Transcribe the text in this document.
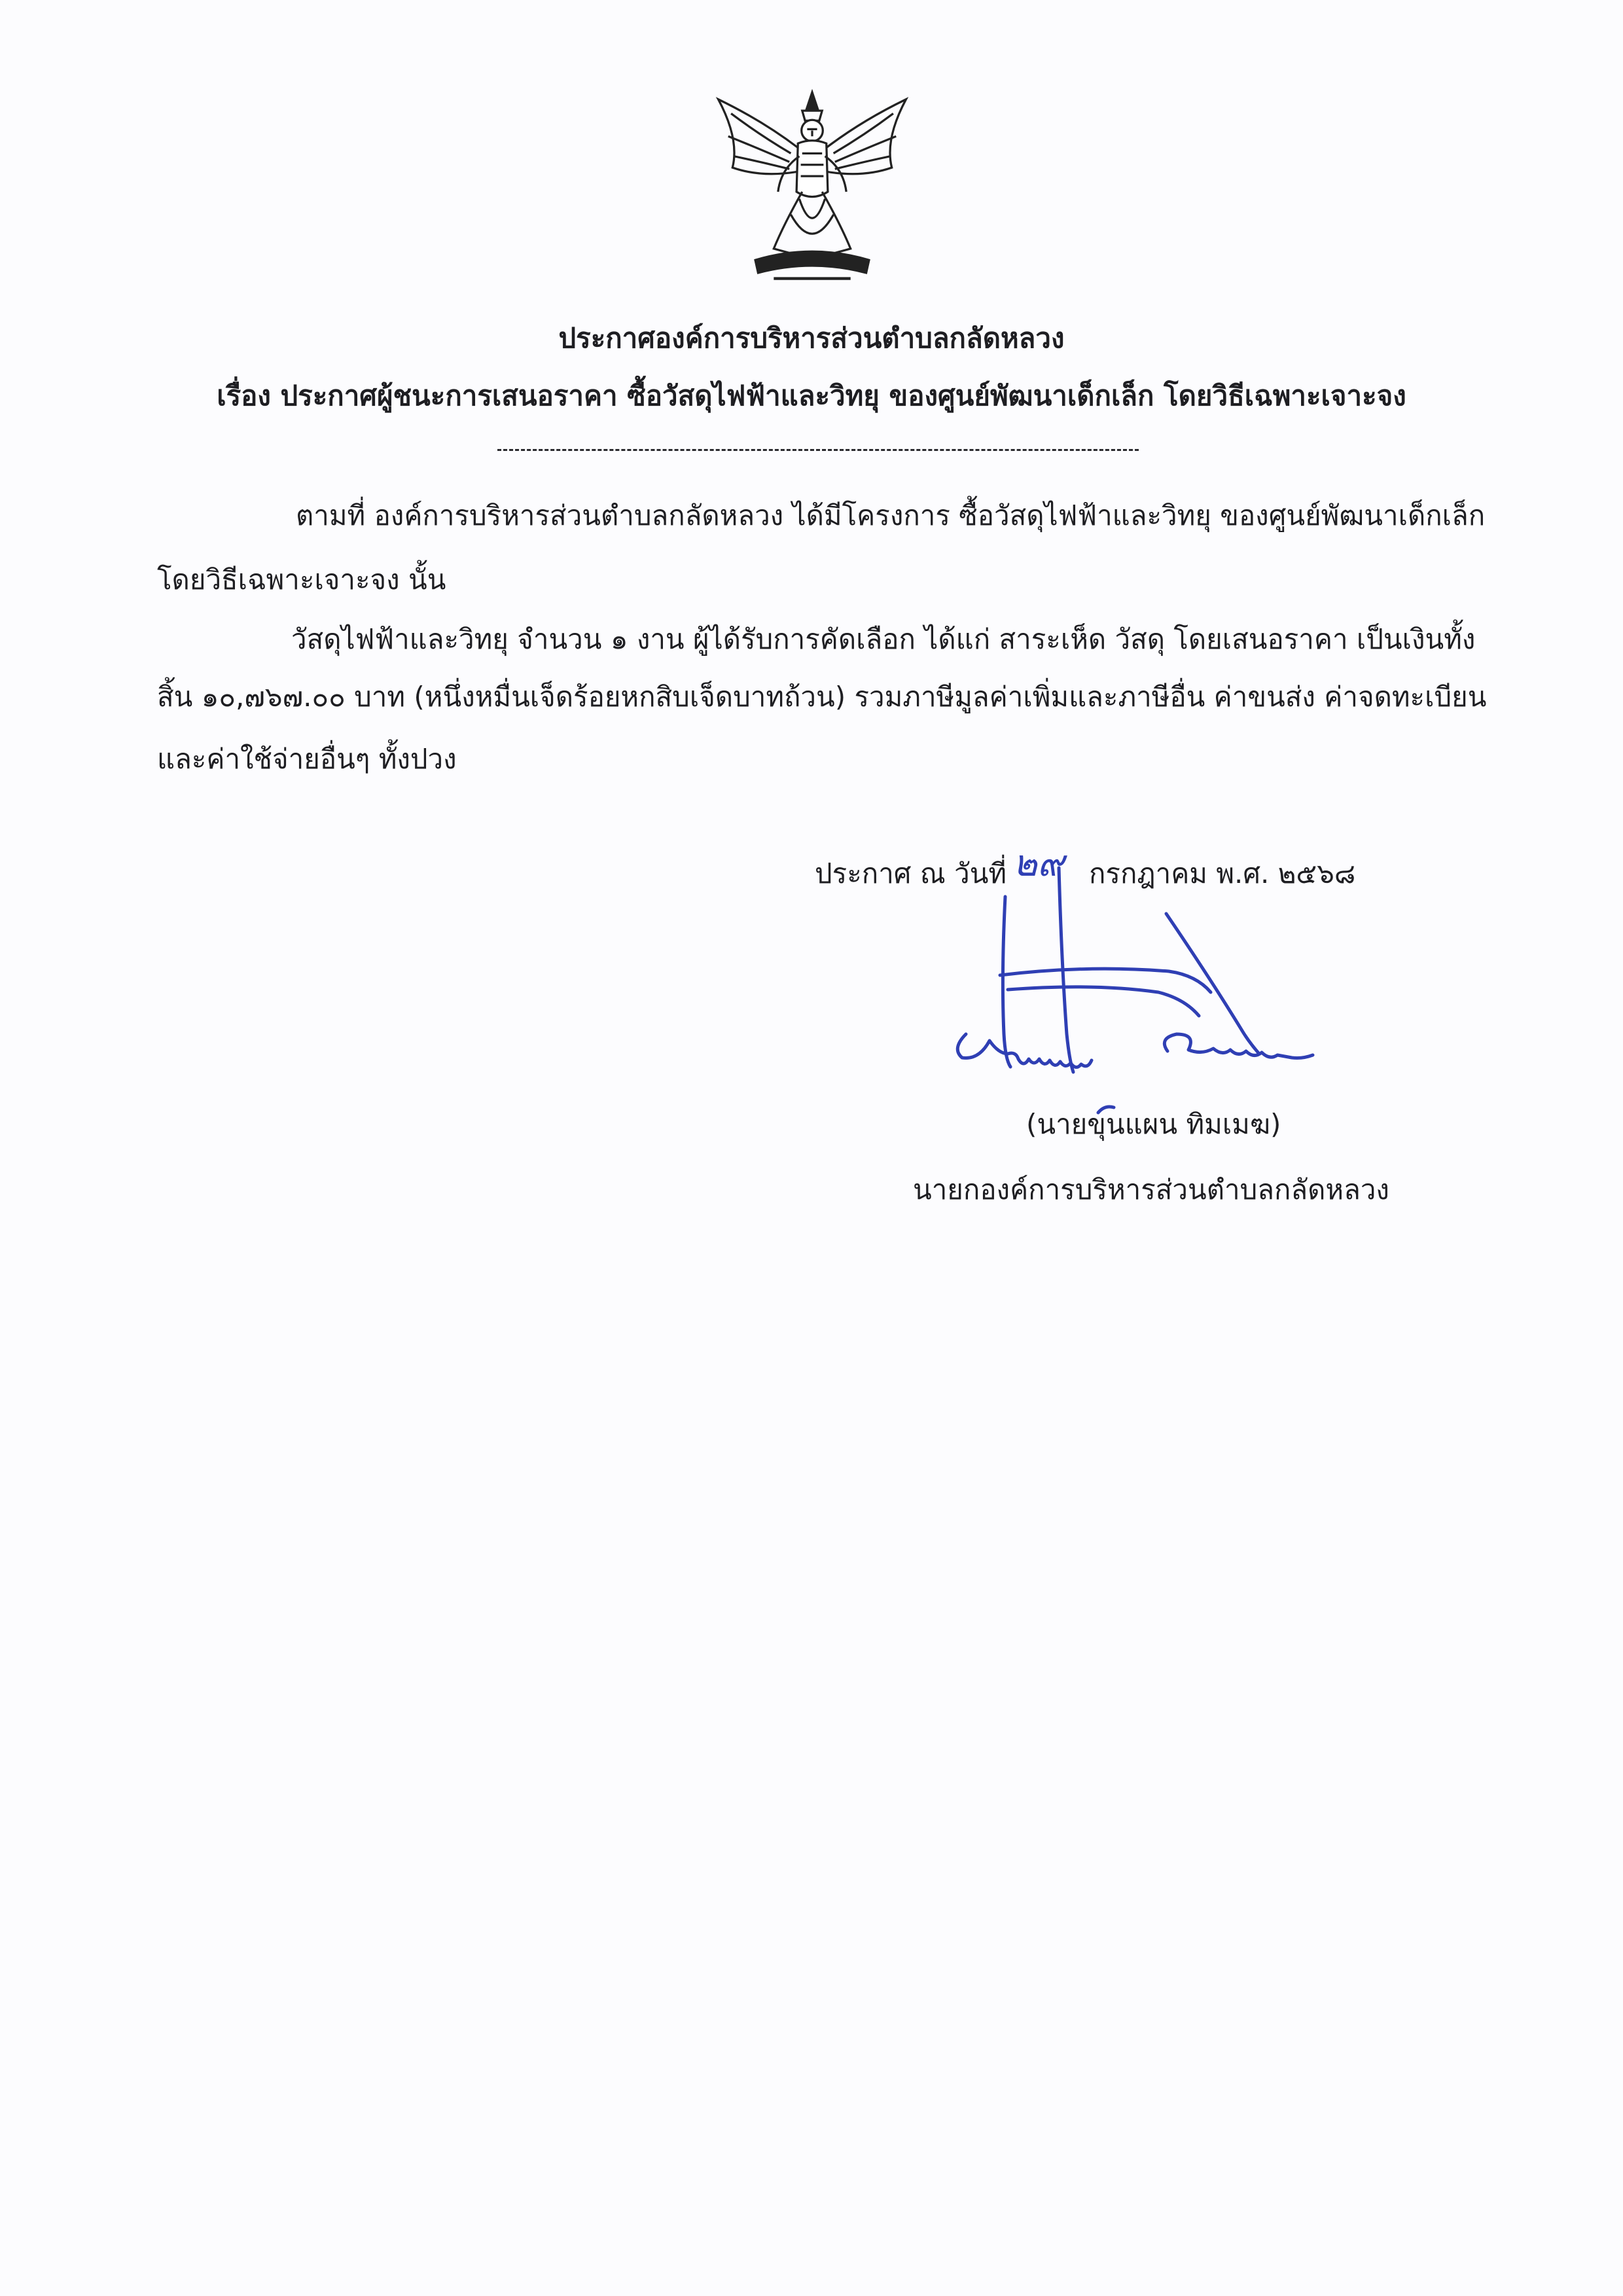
ประกาศองค์การบริหารส่วนตำบลกลัดหลวง
เรื่อง ประกาศผู้ชนะการเสนอราคา ซื้อวัสดุไฟฟ้าและวิทยุ ของศูนย์พัฒนาเด็กเล็ก โดยวิธีเฉพาะเจาะจง
ตามที่ องค์การบริหารส่วนตำบลกลัดหลวง ได้มีโครงการ ซื้อวัสดุไฟฟ้าและวิทยุ ของศูนย์พัฒนาเด็กเล็ก
โดยวิธีเฉพาะเจาะจง นั้น
วัสดุไฟฟ้าและวิทยุ จำนวน ๑ งาน ผู้ได้รับการคัดเลือก ได้แก่ สาระเห็ด วัสดุ โดยเสนอราคา เป็นเงินทั้ง
สิ้น ๑๐,๗๖๗.๐๐ บาท (หนึ่งหมื่นเจ็ดร้อยหกสิบเจ็ดบาทถ้วน) รวมภาษีมูลค่าเพิ่มและภาษีอื่น ค่าขนส่ง ค่าจดทะเบียน
และค่าใช้จ่ายอื่นๆ ทั้งปวง
ประกาศ ณ วันที่ ๒๙ กรกฎาคม พ.ศ. ๒๕๖๘
(นายขุนแผน ทิมเมฆ)
นายกองค์การบริหารส่วนตำบลกลัดหลวง
